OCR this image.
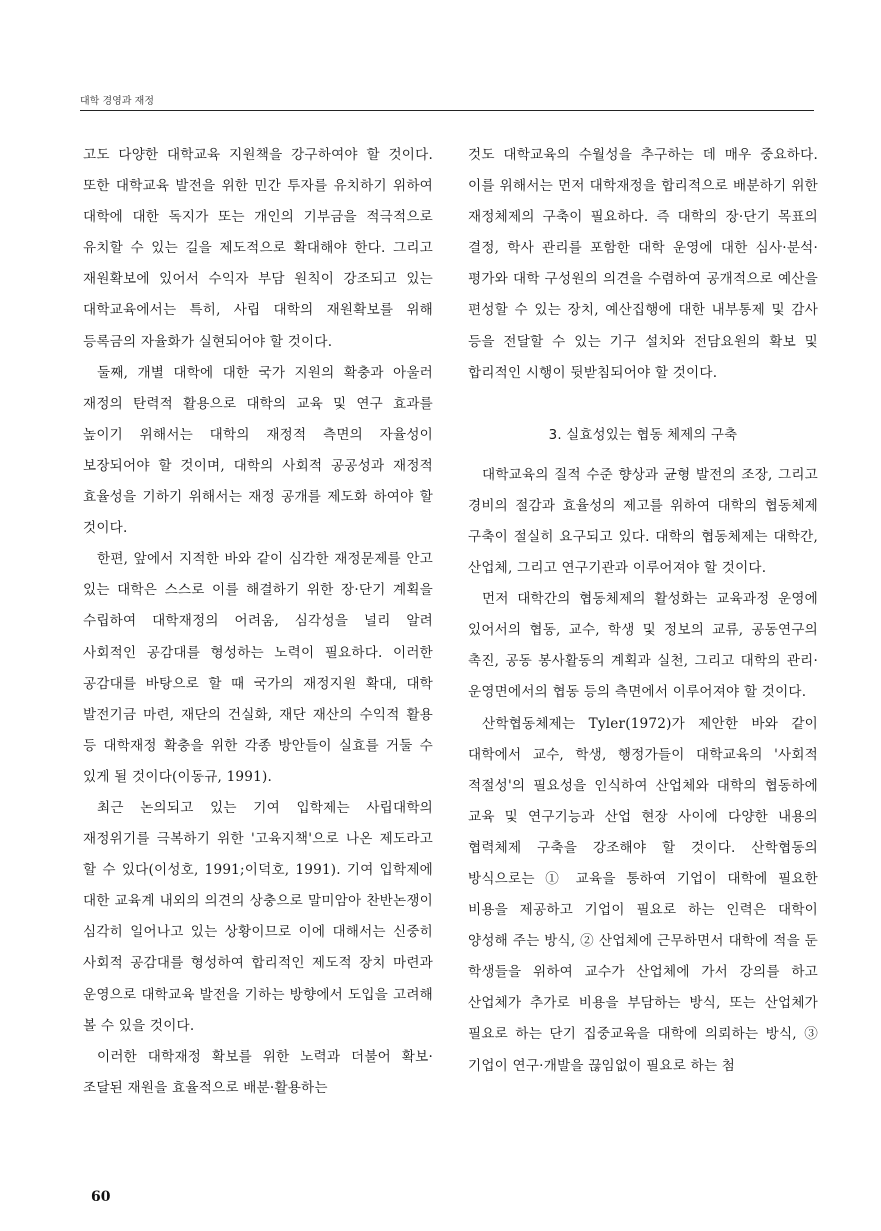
대학 경영과 재정

고도 다양한 대학교육 지원책을 강구하여야 할 것이다. 또한 대학교육 발전을 위한 민간 투자를 유치하기 위하여 대학에 대한 독지가 또는 개인의 기부금을 적극적으로 유치할 수 있는 길을 제도적으로 확대해야 한다. 그리고 재원확보에 있어서 수익자 부담 원칙이 강조되고 있는 대학교육에서는 특히, 사립 대학의 재원확보를 위해 등록금의 자율화가 실현되어야 할 것이다.

둘째, 개별 대학에 대한 국가 지원의 확충과 아울러 재정의 탄력적 활용으로 대학의 교육 및 연구 효과를 높이기 위해서는 대학의 재정적 측면의 자율성이 보장되어야 할 것이며, 대학의 사회적 공공성과 재정적 효율성을 기하기 위해서는 재정 공개를 제도화 하여야 할 것이다.

한편, 앞에서 지적한 바와 같이 심각한 재정문제를 안고 있는 대학은 스스로 이를 해결하기 위한 장·단기 계획을 수립하여 대학재정의 어려움, 심각성을 널리 알려 사회적인 공감대를 형성하는 노력이 필요하다. 이러한 공감대를 바탕으로 할 때 국가의 재정지원 확대, 대학 발전기금 마련, 재단의 건실화, 재단 재산의 수익적 활용 등 대학재정 확충을 위한 각종 방안들이 실효를 거둘 수 있게 될 것이다(이동규, 1991).

최근 논의되고 있는 기여 입학제는 사립대학의 재정위기를 극복하기 위한 '고육지책'으로 나온 제도라고 할 수 있다(이성호, 1991;이덕호, 1991). 기여 입학제에 대한 교육계 내외의 의견의 상충으로 말미암아 찬반논쟁이 심각히 일어나고 있는 상황이므로 이에 대해서는 신중히 사회적 공감대를 형성하여 합리적인 제도적 장치 마련과 운영으로 대학교육 발전을 기하는 방향에서 도입을 고려해 볼 수 있을 것이다.

이러한 대학재정 확보를 위한 노력과 더불어 확보·조달된 재원을 효율적으로 배분·활용하는

것도 대학교육의 수월성을 추구하는 데 매우 중요하다. 이를 위해서는 먼저 대학재정을 합리적으로 배분하기 위한 재정체제의 구축이 필요하다. 즉 대학의 장·단기 목표의 결정, 학사 관리를 포함한 대학 운영에 대한 심사·분석·평가와 대학 구성원의 의견을 수렴하여 공개적으로 예산을 편성할 수 있는 장치, 예산집행에 대한 내부통제 및 감사 등을 전달할 수 있는 기구 설치와 전담요원의 확보 및 합리적인 시행이 뒷받침되어야 할 것이다.

3. 실효성있는 협동 체제의 구축

대학교육의 질적 수준 향상과 균형 발전의 조장, 그리고 경비의 절감과 효율성의 제고를 위하여 대학의 협동체제 구축이 절실히 요구되고 있다. 대학의 협동체제는 대학간, 산업체, 그리고 연구기관과 이루어져야 할 것이다.

먼저 대학간의 협동체제의 활성화는 교육과정 운영에 있어서의 협동, 교수, 학생 및 정보의 교류, 공동연구의 촉진, 공동 봉사활동의 계획과 실천, 그리고 대학의 관리·운영면에서의 협동 등의 측면에서 이루어져야 할 것이다.

산학협동체제는 Tyler(1972)가 제안한 바와 같이 대학에서 교수, 학생, 행정가들이 대학교육의 '사회적 적절성'의 필요성을 인식하여 산업체와 대학의 협동하에 교육 및 연구기능과 산업 현장 사이에 다양한 내용의 협력체제 구축을 강조해야 할 것이다. 산학협동의 방식으로는 ① 교육을 통하여 기업이 대학에 필요한 비용을 제공하고 기업이 필요로 하는 인력은 대학이 양성해 주는 방식, ② 산업체에 근무하면서 대학에 적을 둔 학생들을 위하여 교수가 산업체에 가서 강의를 하고 산업체가 추가로 비용을 부담하는 방식, 또는 산업체가 필요로 하는 단기 집중교육을 대학에 의뢰하는 방식, ③ 기업이 연구·개발을 끊임없이 필요로 하는 첨

60
